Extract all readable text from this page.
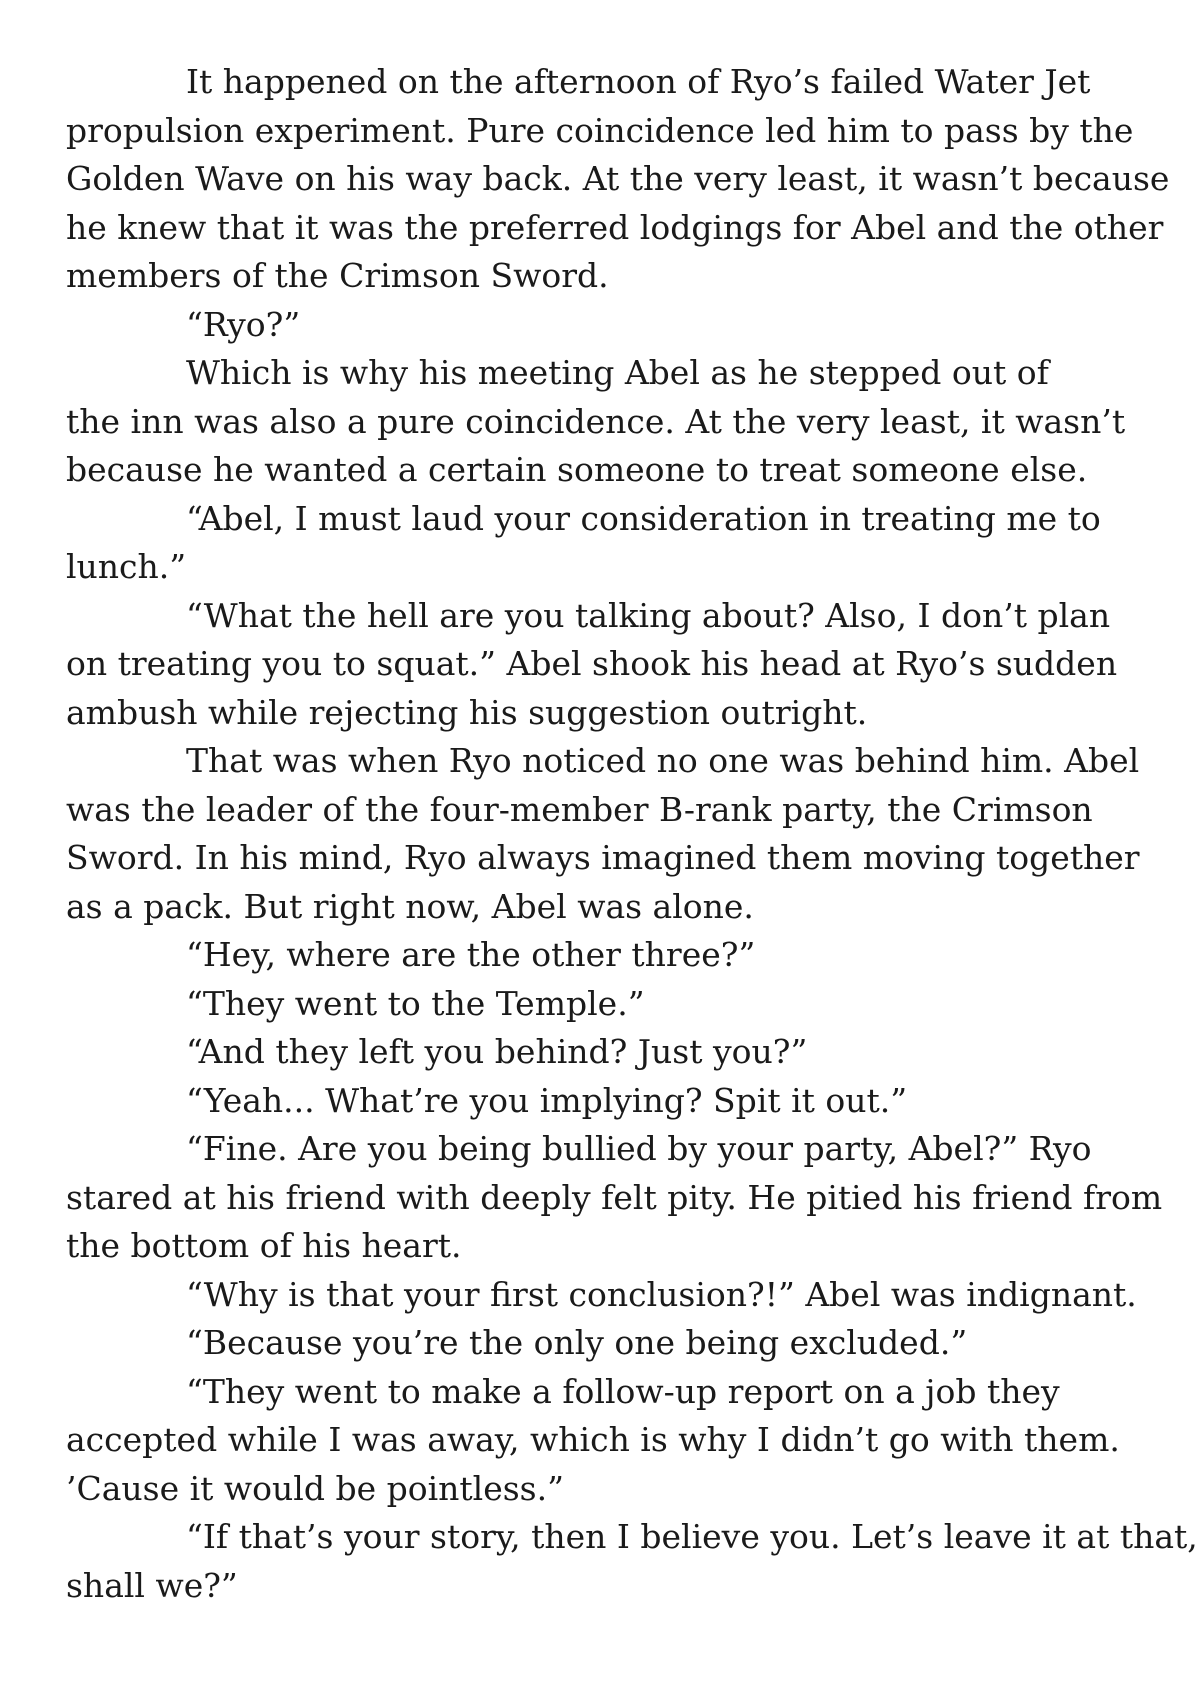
It happened on the afternoon of Ryo’s failed Water Jet
propulsion experiment. Pure coincidence led him to pass by the
Golden Wave on his way back. At the very least, it wasn’t because
he knew that it was the preferred lodgings for Abel and the other
members of the Crimson Sword.
“Ryo?”
Which is why his meeting Abel as he stepped out of
the inn was also a pure coincidence. At the very least, it wasn’t
because he wanted a certain someone to treat someone else.
“Abel, I must laud your consideration in treating me to
lunch.”
“What the hell are you talking about? Also, I don’t plan
on treating you to squat.” Abel shook his head at Ryo’s sudden
ambush while rejecting his suggestion outright.
That was when Ryo noticed no one was behind him. Abel
was the leader of the four-member B-rank party, the Crimson
Sword. In his mind, Ryo always imagined them moving together
as a pack. But right now, Abel was alone.
“Hey, where are the other three?”
“They went to the Temple.”
“And they left you behind? Just you?”
“Yeah... What’re you implying? Spit it out.”
“Fine. Are you being bullied by your party, Abel?” Ryo
stared at his friend with deeply felt pity. He pitied his friend from
the bottom of his heart.
“Why is that your first conclusion?!” Abel was indignant.
“Because you’re the only one being excluded.”
“They went to make a follow-up report on a job they
accepted while I was away, which is why I didn’t go with them.
’Cause it would be pointless.”
“If that’s your story, then I believe you. Let’s leave it at that,
shall we?”
